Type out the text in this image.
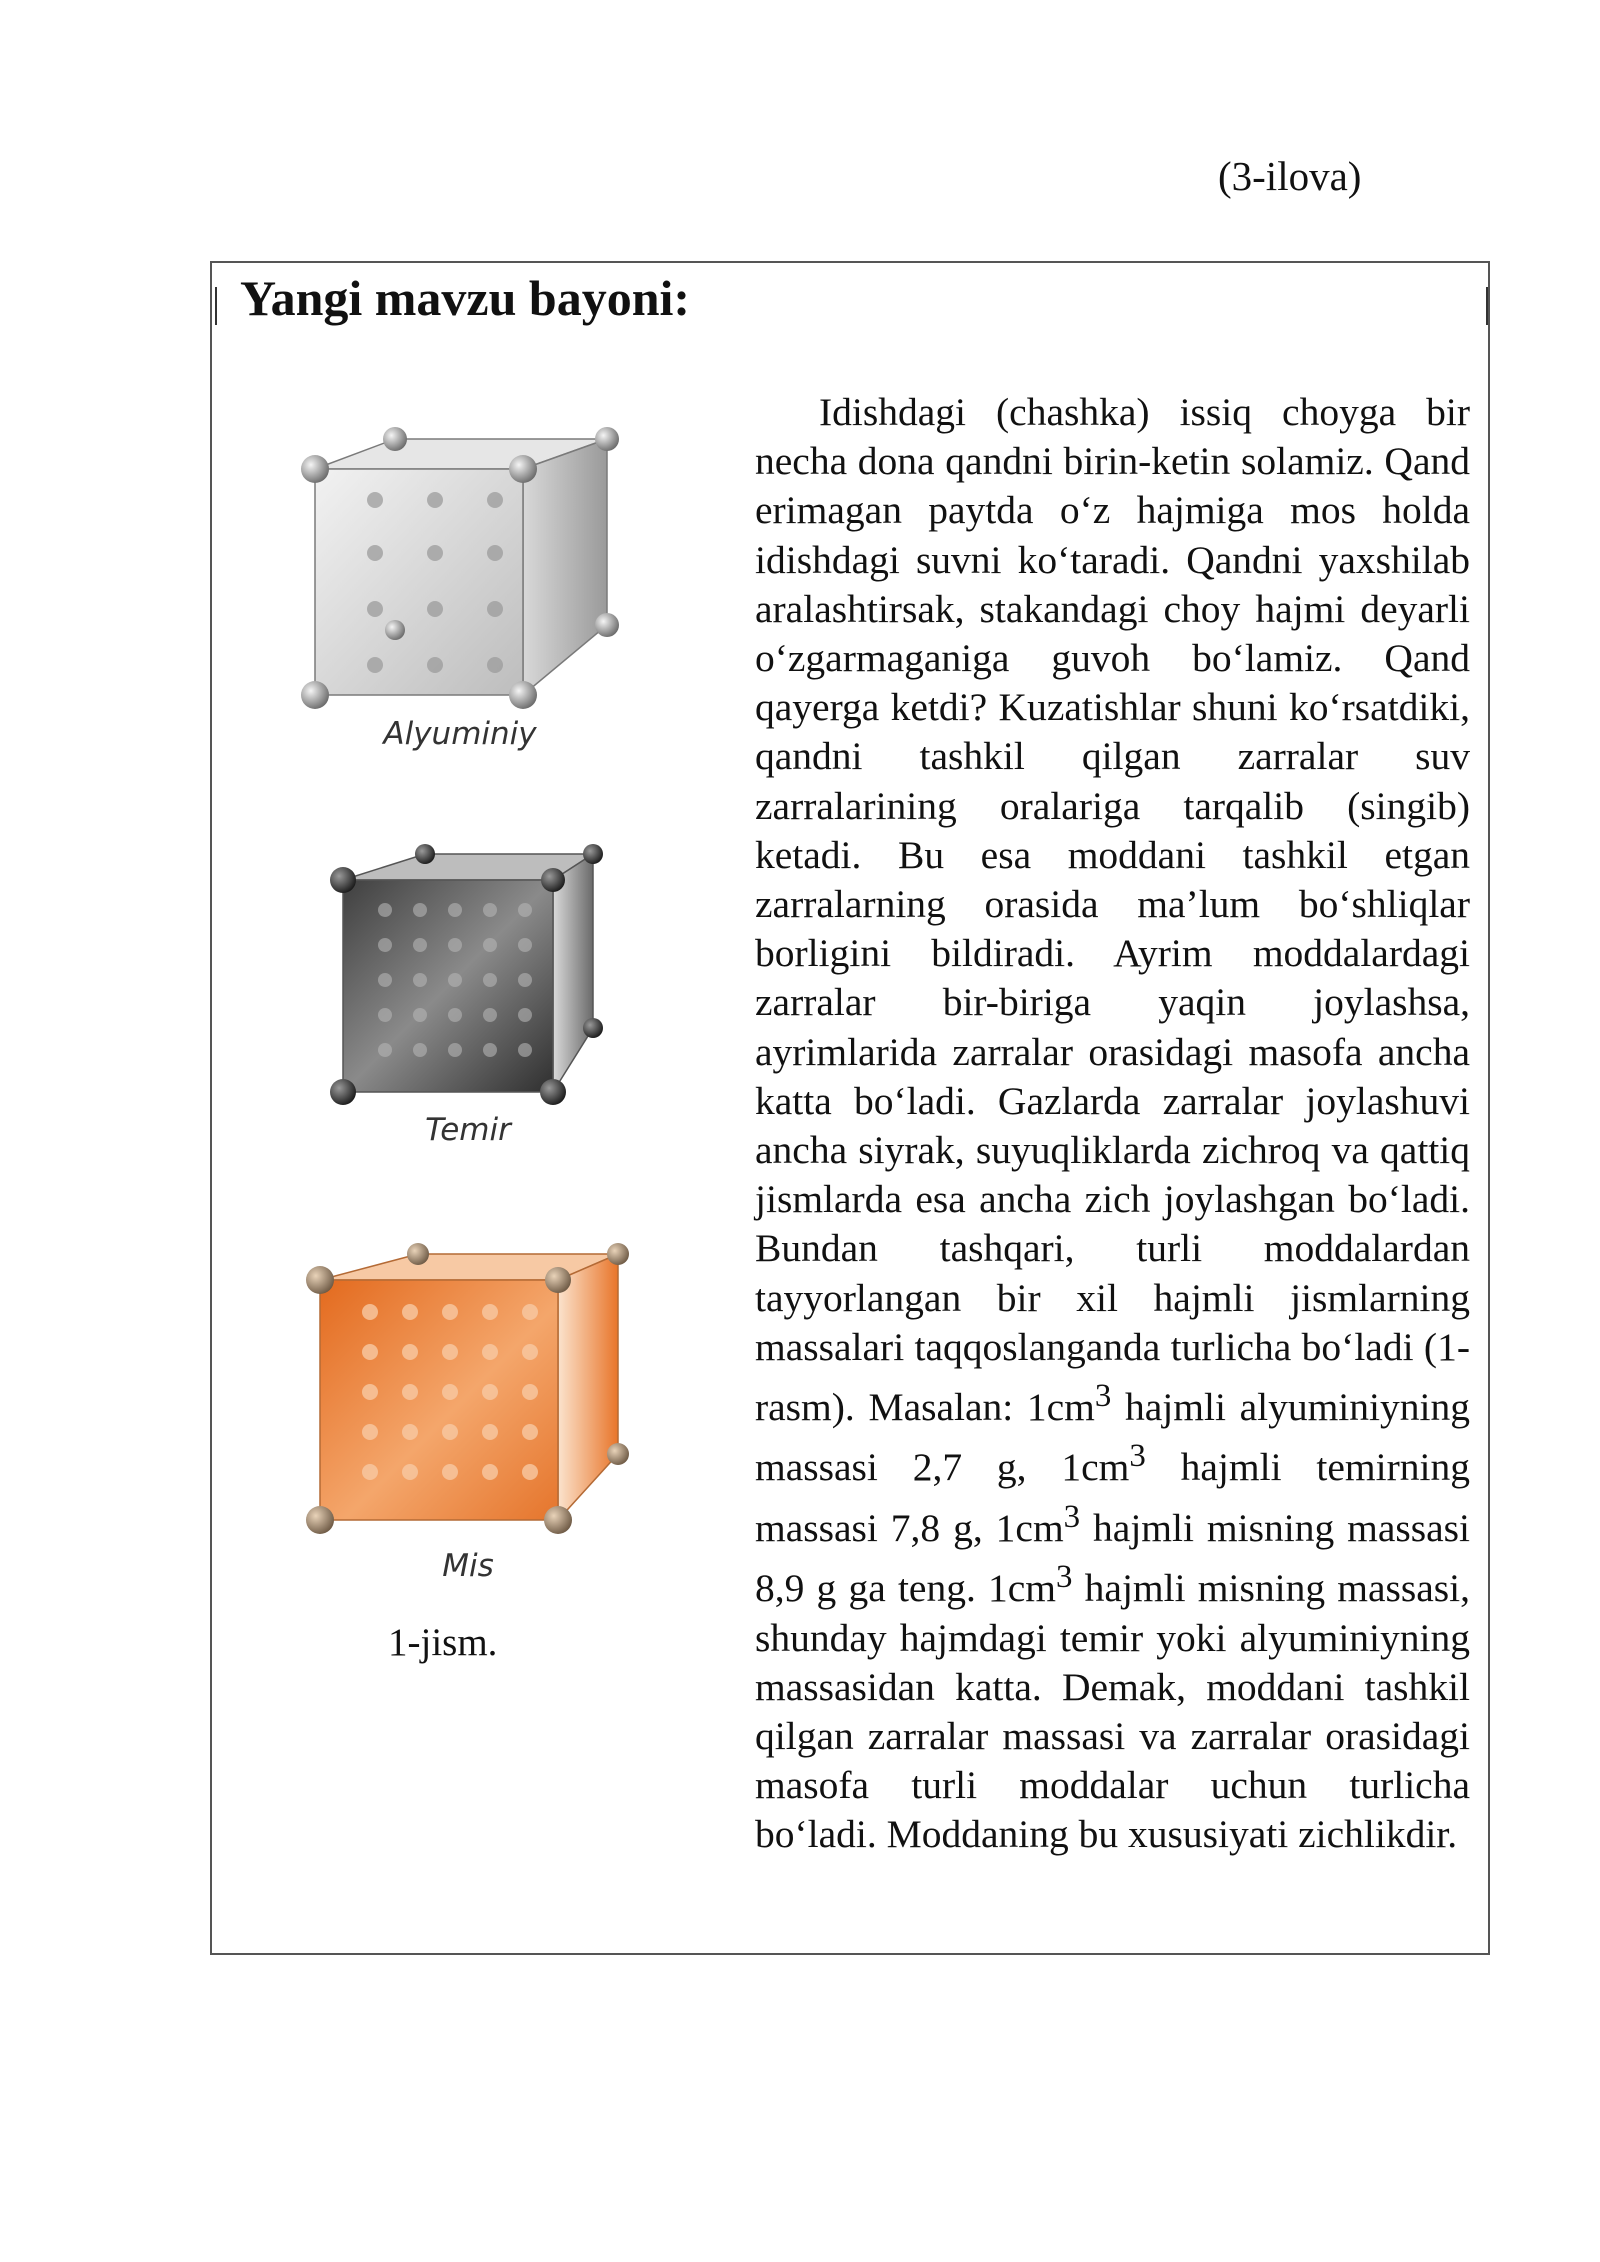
(3-ilova)
Yangi mavzu bayoni:
Alyuminiy
Temir
Mis
1-jism.

Idishdagi (chashka) issiq choyga bir necha dona qandni birin-ketin solamiz. Qand erimagan paytda o‘z hajmiga mos holda idishdagi suvni ko‘taradi. Qandni yaxshilab aralashtirsak, stakandagi choy hajmi deyarli o‘zgarmaganiga guvoh bo‘lamiz. Qand qayerga ketdi? Kuzatishlar shuni ko‘rsatdiki, qandni tashkil qilgan zarralar suv zarralarining oralariga tarqalib (singib) ketadi. Bu esa moddani tashkil etgan zarralarning orasida ma’lum bo‘shliqlar borligini bildiradi. Ayrim moddalardagi zarralar bir-biriga yaqin joylashsa, ayrimlarida zarralar orasidagi masofa ancha katta bo‘ladi. Gazlarda zarralar joylashuvi ancha siyrak, suyuqliklarda zichroq va qattiq jismlarda esa ancha zich joylashgan bo‘ladi. Bundan tashqari, turli moddalardan tayyorlangan bir xil hajmli jismlarning massalari taqqoslanganda turlicha bo‘ladi (1-rasm). Masalan: $1cm^3$ hajmli alyuminiyning massasi 2,7 g, $1cm^3$ hajmli temirning massasi 7,8 g, $1cm^3$ hajmli misning massasi 8,9 g ga teng. $1cm^3$ hajmli misning massasi, shunday hajmdagi temir yoki alyuminiyning massasidan katta. Demak, moddani tashkil qilgan zarralar massasi va zarralar orasidagi masofa turli moddalar uchun turlicha bo‘ladi. Moddaning bu xususiyati zichlikdir.
